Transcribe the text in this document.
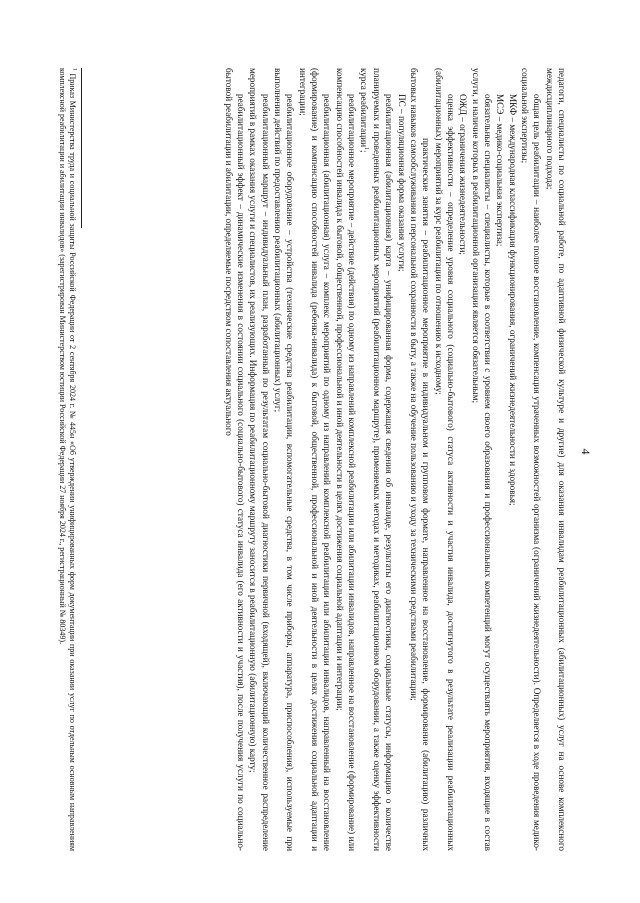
4

педагоги, специалисты по социальной работе, по адаптивной физической культуре и другие) для оказания инвалидам реабилитационных (абилитационных) услуг на основе комплексного междисциплинарного подхода;

общая цель реабилитации – наиболее полное восстановление, компенсация утраченных возможностей организма (ограничений жизнедеятельности). Определяется в ходе проведения медико-социальной экспертизы;

МКФ – международная классификация функционирования, ограничений жизнедеятельности и здоровья;

МСЭ – медико-социальная экспертиза;

обязательные специалисты – специалисты, которые в соответствии с уровнем своего образования и профессиональных компетенций могут осуществлять мероприятия, входящие в состав услуги, и наличие которых в реабилитационной организации является обязательным;

ОЖД – ограничения жизнедеятельности;

оценка эффективности – определение уровня социального (социально-бытового) статуса активности и участия инвалида, достигнутого в результате реализации реабилитационных (абилитационных) мероприятий за курс реабилитации по отношению к исходному;

практические занятия – реабилитационное мероприятие в индивидуальном и групповом формате, направленное на восстановление, формирование (абилитацию) различных бытовых навыков самообслуживания и персональной сохранности в быту, а также на обучение пользованию и уходу за техническими средствами реабилитации;

ПС – популяционная форма оказания услуги;

реабилитационная (абилитационная) карта – унифицированная форма, содержащая сведения об инвалиде, результаты его диагностики, социальные статусы, информацию о количестве планируемых и проведенных реабилитационных мероприятий (реабилитационном маршруте), применяемых методах и методиках, реабилитационном оборудовании, а также оценку эффективности курса реабилитации$^1$;

реабилитационное мероприятие – действие (действия) по одному из направлений комплексной реабилитации или абилитации инвалидов, направленное на восстановление (формирование) или компенсацию способностей инвалида к бытовой, общественной, профессиональной и иной деятельности в целях достижения социальной адаптации и интеграции;

реабилитационная (абилитационная) услуга – комплекс мероприятий по одному из направлений комплексной реабилитации или абилитации инвалидов, направленный на восстановление (формирование) и компенсацию способностей инвалида (ребенка-инвалида) к бытовой, общественной, профессиональной и иной деятельности в целях достижения социальной адаптации и интеграции;

реабилитационное оборудование – устройства (технические средства реабилитации, вспомогательные средства, в том числе приборы, аппаратура, приспособления), используемые при выполнении действий по предоставлению реабилитационных (абилитационных) услуг;

реабилитационный маршрут – индивидуальный план, разработанный по результатам социально-бытовой диагностики первичной (входящей), включающий количественное распределение мероприятий в рамках оказания услуги и специалистов, их реализующих. Информация по реабилитационному маршруту заносится в реабилитационную (абилитационную) карту;

реабилитационный эффект – динамические изменения в состоянии социального (социально-бытового) статуса инвалида (его активности и участия), после получения услуги по социально-бытовой реабилитации и абилитации, определяемые посредством сопоставления актуального

$^1$ Приказ Министерства труда и социальной защиты Российской Федерации от 2 сентября 2024 г. № 445н «Об утверждении унифицированных форм документации при оказании услуг по отдельным основным направлениям комплексной реабилитации и абилитации инвалидов» (зарегистрирован Министерством юстиции Российской Федерации 27 ноября 2024 г., регистрационный № 80349).
